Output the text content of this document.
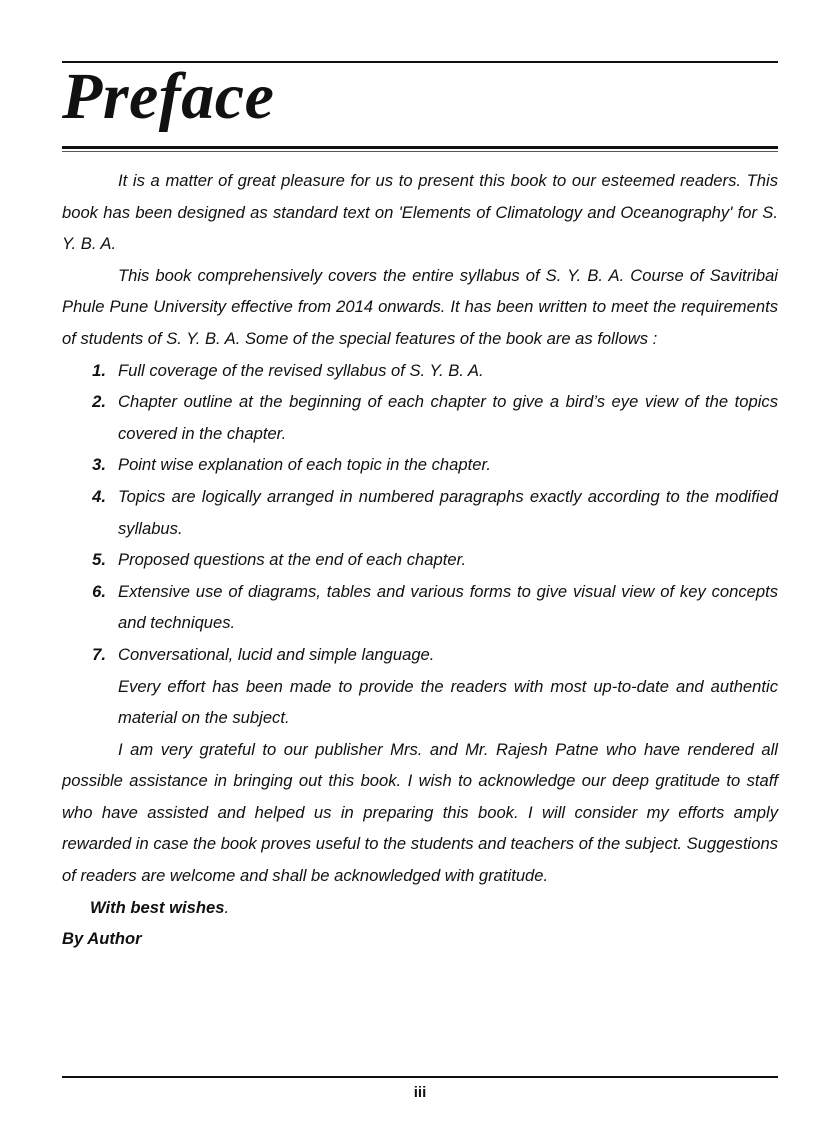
Preface

It is a matter of great pleasure for us to present this book to our esteemed readers. This book has been designed as standard text on 'Elements of Climatology and Oceanography' for S. Y. B. A.

This book comprehensively covers the entire syllabus of S. Y. B. A. Course of Savitribai Phule Pune University effective from 2014 onwards. It has been written to meet the requirements of students of S. Y. B. A. Some of the special features of the book are as follows :

1. Full coverage of the revised syllabus of S. Y. B. A.
2. Chapter outline at the beginning of each chapter to give a bird’s eye view of the topics covered in the chapter.
3. Point wise explanation of each topic in the chapter.
4. Topics are logically arranged in numbered paragraphs exactly according to the modified syllabus.
5. Proposed questions at the end of each chapter.
6. Extensive use of diagrams, tables and various forms to give visual view of key concepts and techniques.
7. Conversational, lucid and simple language.
Every effort has been made to provide the readers with most up-to-date and authentic material on the subject.

I am very grateful to our publisher Mrs. and Mr. Rajesh Patne who have rendered all possible assistance in bringing out this book. I wish to acknowledge our deep gratitude to staff who have assisted and helped us in preparing this book. I will consider my efforts amply rewarded in case the book proves useful to the students and teachers of the subject. Suggestions of readers are welcome and shall be acknowledged with gratitude.

With best wishes.

By Author

iii
